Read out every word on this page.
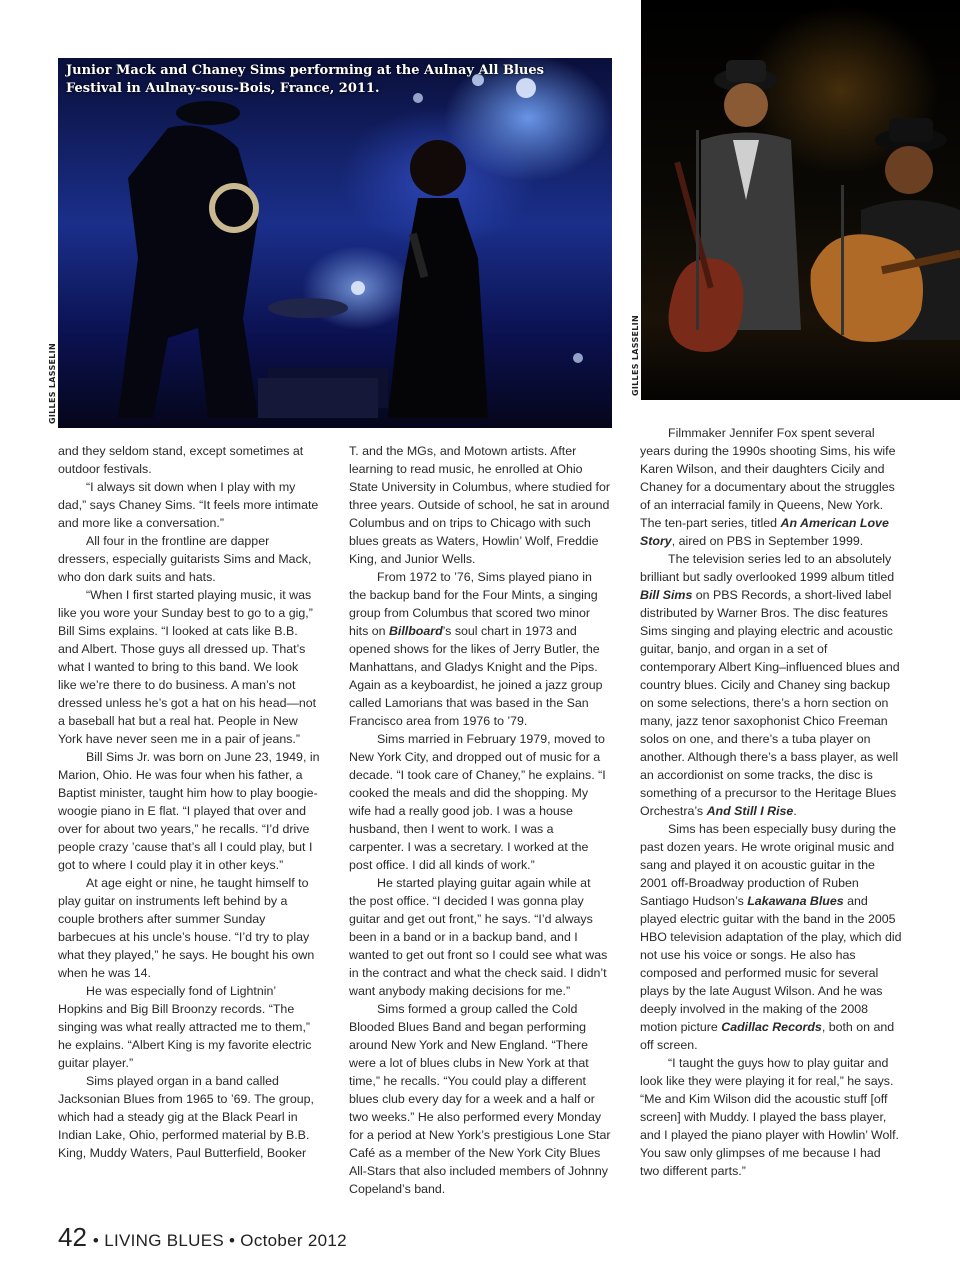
Junior Mack and Chaney Sims performing at the Aulnay All Blues Festival in Aulnay-sous-Bois, France, 2011.
GILLES LASSELIN	GILLES LASSELIN

and they seldom stand, except sometimes at outdoor festivals.

“I always sit down when I play with my dad,” says Chaney Sims. “It feels more intimate and more like a conversation.”

All four in the frontline are dapper dressers, especially guitarists Sims and Mack, who don dark suits and hats.

“When I first started playing music, it was like you wore your Sunday best to go to a gig,” Bill Sims explains. “I looked at cats like B.B. and Albert. Those guys all dressed up. That’s what I wanted to bring to this band. We look like we’re there to do business. A man’s not dressed unless he’s got a hat on his head—not a baseball hat but a real hat. People in New York have never seen me in a pair of jeans.”

Bill Sims Jr. was born on June 23, 1949, in Marion, Ohio. He was four when his father, a Baptist minister, taught him how to play boogie-woogie piano in E flat. “I played that over and over for about two years,” he recalls. “I’d drive people crazy ’cause that’s all I could play, but I got to where I could play it in other keys.”

At age eight or nine, he taught himself to play guitar on instruments left behind by a couple brothers after summer Sunday barbecues at his uncle’s house. “I’d try to play what they played,” he says. He bought his own when he was 14.

He was especially fond of Lightnin’ Hopkins and Big Bill Broonzy records. “The singing was what really attracted me to them,” he explains. “Albert King is my favorite electric guitar player.”

Sims played organ in a band called Jacksonian Blues from 1965 to ’69. The group, which had a steady gig at the Black Pearl in Indian Lake, Ohio, performed material by B.B. King, Muddy Waters, Paul Butterfield, Booker

T. and the MGs, and Motown artists. After learning to read music, he enrolled at Ohio State University in Columbus, where studied for three years. Outside of school, he sat in around Columbus and on trips to Chicago with such blues greats as Waters, Howlin’ Wolf, Freddie King, and Junior Wells.

From 1972 to ’76, Sims played piano in the backup band for the Four Mints, a singing group from Columbus that scored two minor hits on Billboard’s soul chart in 1973 and opened shows for the likes of Jerry Butler, the Manhattans, and Gladys Knight and the Pips. Again as a keyboardist, he joined a jazz group called Lamorians that was based in the San Francisco area from 1976 to ’79.

Sims married in February 1979, moved to New York City, and dropped out of music for a decade. “I took care of Chaney,” he explains. “I cooked the meals and did the shopping. My wife had a really good job. I was a house husband, then I went to work. I was a carpenter. I was a secretary. I worked at the post office. I did all kinds of work.”

He started playing guitar again while at the post office. “I decided I was gonna play guitar and get out front,” he says. “I’d always been in a band or in a backup band, and I wanted to get out front so I could see what was in the contract and what the check said. I didn’t want anybody making decisions for me.”

Sims formed a group called the Cold Blooded Blues Band and began performing around New York and New England. “There were a lot of blues clubs in New York at that time,” he recalls. “You could play a different blues club every day for a week and a half or two weeks.” He also performed every Monday for a period at New York’s prestigious Lone Star Café as a member of the New York City Blues All-Stars that also included members of Johnny Copeland’s band.

Filmmaker Jennifer Fox spent several years during the 1990s shooting Sims, his wife Karen Wilson, and their daughters Cicily and Chaney for a documentary about the struggles of an interracial family in Queens, New York. The ten-part series, titled An American Love Story, aired on PBS in September 1999.

The television series led to an absolutely brilliant but sadly overlooked 1999 album titled Bill Sims on PBS Records, a short-lived label distributed by Warner Bros. The disc features Sims singing and playing electric and acoustic guitar, banjo, and organ in a set of contemporary Albert King–influenced blues and country blues. Cicily and Chaney sing backup on some selections, there’s a horn section on many, jazz tenor saxophonist Chico Freeman solos on one, and there’s a tuba player on another. Although there’s a bass player, as well an accordionist on some tracks, the disc is something of a precursor to the Heritage Blues Orchestra’s And Still I Rise.

Sims has been especially busy during the past dozen years. He wrote original music and sang and played it on acoustic guitar in the 2001 off-Broadway production of Ruben Santiago Hudson’s Lakawana Blues and played electric guitar with the band in the 2005 HBO television adaptation of the play, which did not use his voice or songs. He also has composed and performed music for several plays by the late August Wilson. And he was deeply involved in the making of the 2008 motion picture Cadillac Records, both on and off screen.

“I taught the guys how to play guitar and look like they were playing it for real,” he says. “Me and Kim Wilson did the acoustic stuff [off screen] with Muddy. I played the bass player, and I played the piano player with Howlin’ Wolf. You saw only glimpses of me because I had two different parts.”

42 • LIVING BLUES • October 2012
